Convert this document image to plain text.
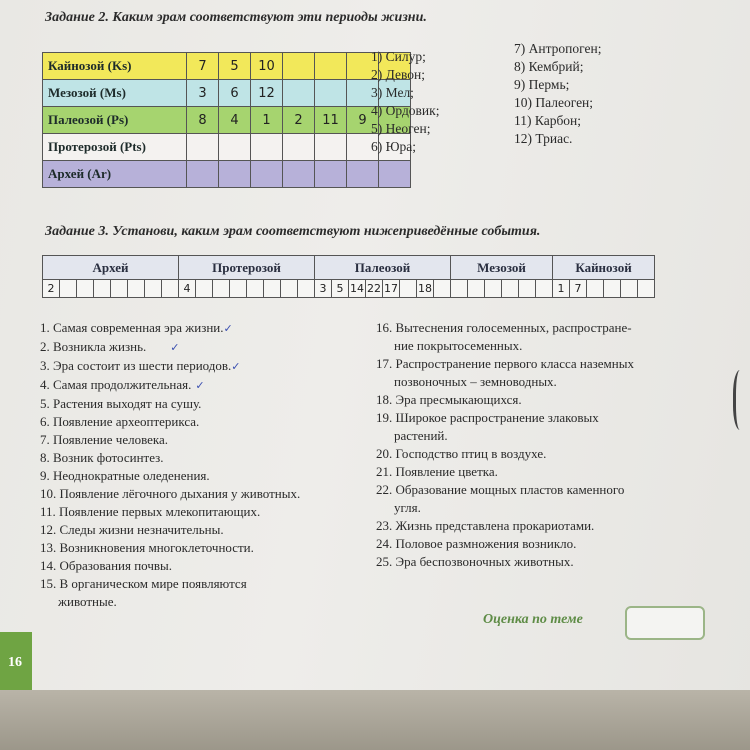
Задание 2. Каким эрам соответствуют эти периоды жизни.
Кайнозой (Ks)	7	5	10				
Мезозой (Ms)	3	6	12				
Палеозой (Ps)	8	4	1	2	11	9	
Протерозой (Pts)							
Архей (Ar)							
1) Силур;
2) Девон;
3) Мел;
4) Ордовик;
5) Неоген;
6) Юра;
7) Антропоген;
8) Кембрий;
9) Пермь;
10) Палеоген;
11) Карбон;
12) Триас.
Задание 3. Установи, каким эрам соответствуют нижеприведённые события.
Архей								Протерозой								Палеозой								Мезозой						Кайнозой					
2								4								3	5	14	22	17		18								1	7				
1. Самая современная эра жизни.✓
2. Возникла жизнь. ✓
3. Эра состоит из шести периодов.✓
4. Самая продолжительная. ✓
5. Растения выходят на сушу.
6. Появление археоптерикса.
7. Появление человека.
8. Возник фотосинтез.
9. Неоднократные оледенения.
10. Появление лёгочного дыхания у животных.
11. Появление первых млекопитающих.
12. Следы жизни незначительны.
13. Возникновения многоклеточности.
14. Образования почвы.
15. В органическом мире появляются
животные.
16. Вытеснения голосеменных, распростране-
ние покрытосеменных.
17. Распространение первого класса наземных
позвоночных – земноводных.
18. Эра пресмыкающихся.
19. Широкое распространение злаковых
растений.
20. Господство птиц в воздухе.
21. Появление цветка.
22. Образование мощных пластов каменного
угля.
23. Жизнь представлена прокариотами.
24. Половое размножения возникло.
25. Эра беспозвоночных животных.
Оценка по теме
16
